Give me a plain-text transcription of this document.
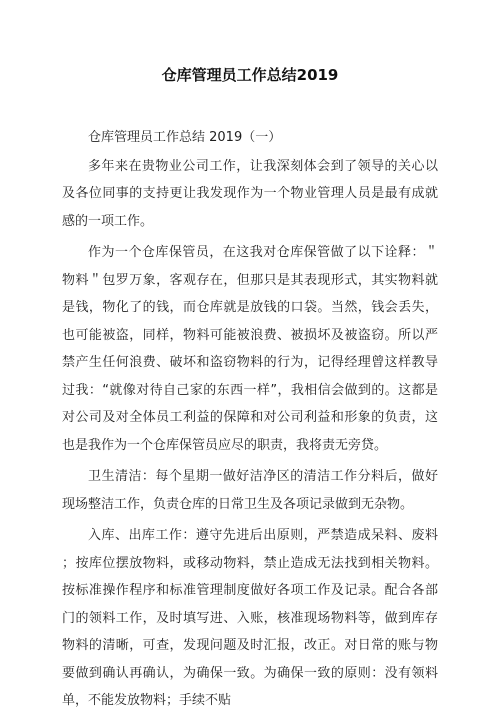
仓库管理员工作总结2019

仓库管理员工作总结 2019（一）

多年来在贵物业公司工作，让我深刻体会到了领导的关心以及各位同事的支持更让我发现作为一个物业管理人员是最有成就感的一项工作。

作为一个仓库保管员，在这我对仓库保管做了以下诠释：＂物料＂包罗万象，客观存在，但那只是其表现形式，其实物料就是钱，物化了的钱，而仓库就是放钱的口袋。当然，钱会丢失，也可能被盗，同样，物料可能被浪费、被损坏及被盗窃。所以严禁产生任何浪费、破坏和盗窃物料的行为，记得经理曾这样教导过我：“就像对待自己家的东西一样”，我相信会做到的。这都是对公司及对全体员工利益的保障和对公司利益和形象的负责，这也是我作为一个仓库保管员应尽的职责，我将责无旁贷。

卫生清洁：每个星期一做好洁净区的清洁工作分料后，做好现场整洁工作，负责仓库的日常卫生及各项记录做到无杂物。

入库、出库工作：遵守先进后出原则，严禁造成呆料、废料；按库位摆放物料，或移动物料，禁止造成无法找到相关物料。按标准操作程序和标准管理制度做好各项工作及记录。配合各部门的领料工作，及时填写进、入账，核准现场物料等，做到库存物料的清晰，可查，发现问题及时汇报，改正。对日常的账与物要做到确认再确认，为确保一致。为确保一致的原则：没有领料单，不能发放物料；手续不贴
